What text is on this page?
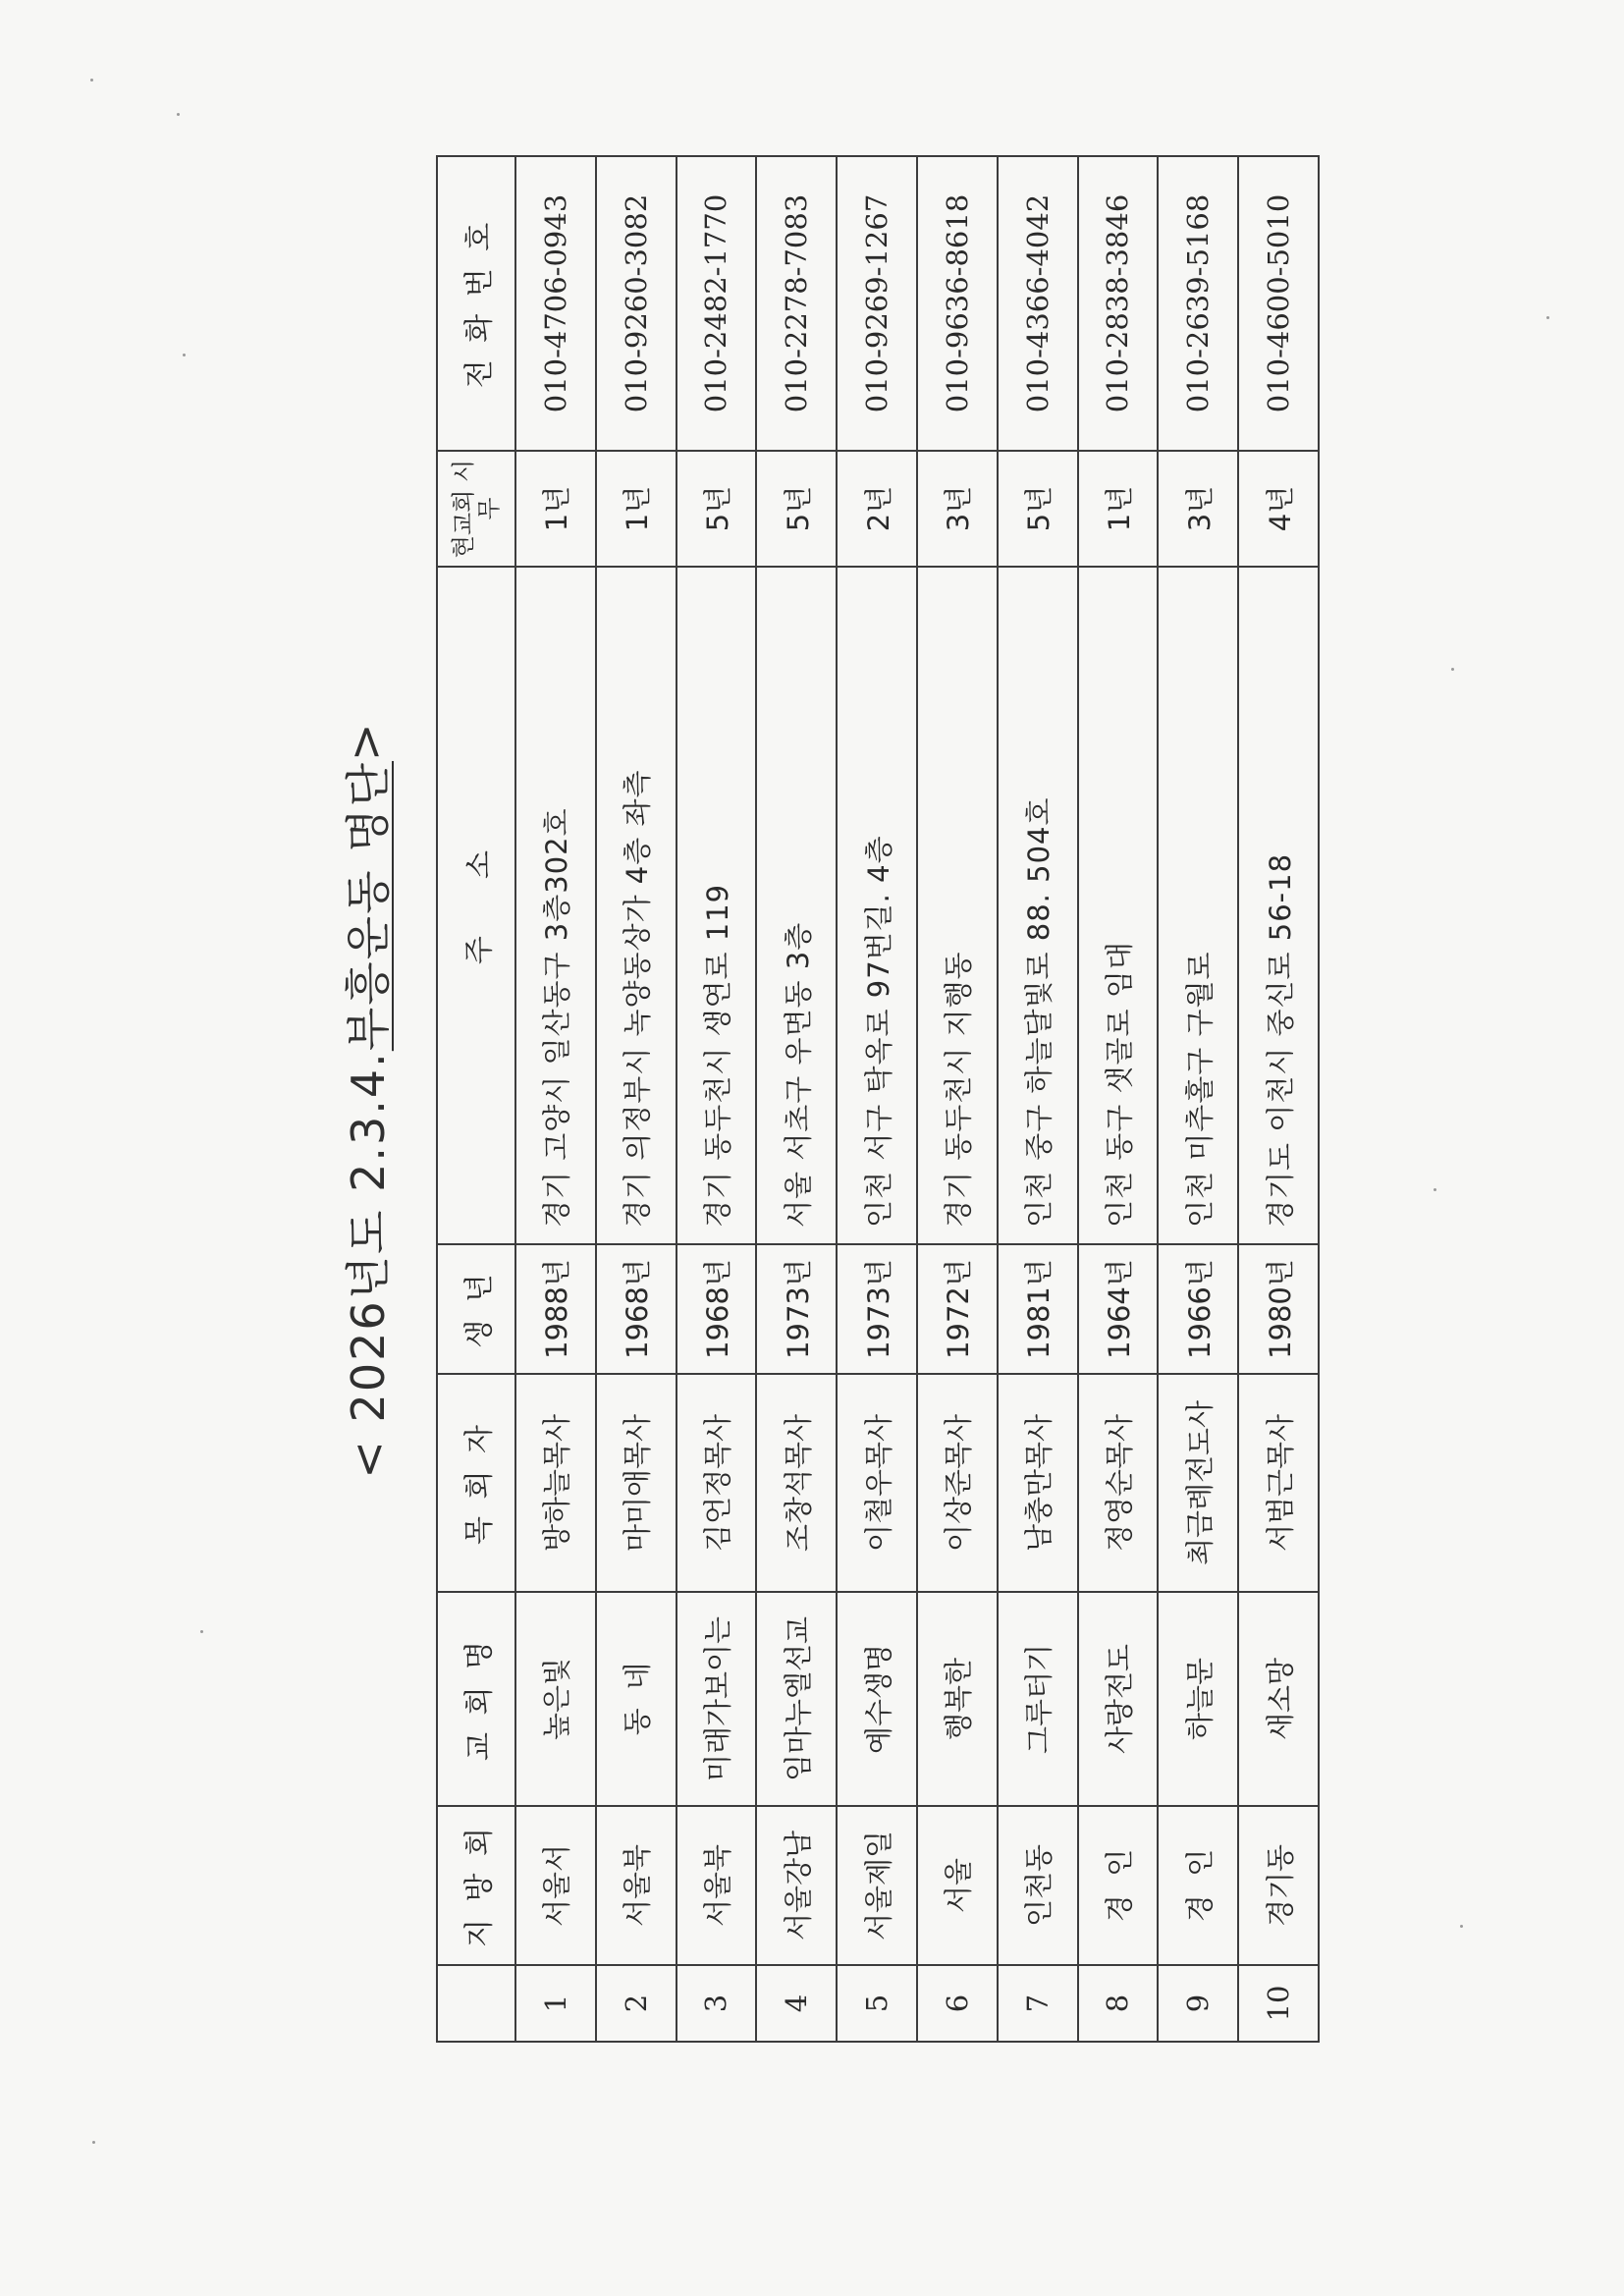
< 2026년도 2.3.4.
부흥운동 명단
>
	지 방 회	교 회 명	목 회 자	생 년	주    소	현교회 시무	전 화 번 호
1	서울서	높은빛	방하늘목사	1988년	경기 고양시 일산동구 3층302호	1년	010-4706-0943
2	서울북	동  네	마미애목사	1968년	경기 의정부시 녹양동상가 4층 좌측	1년	010-9260-3082
3	서울북	미래가보이는	김언정목사	1968년	경기 동두천시 생연로 119	5년	010-2482-1770
4	서울강남	임마누엘선교	조창석목사	1973년	서울 서초구 우면동 3층	5년	010-2278-7083
5	서울제일	예수생명	이철우목사	1973년	인천 서구 탁옥로 97번길. 4층	2년	010-9269-1267
6	서울	행복한	이상준목사	1972년	경기 동두천시 지행동	3년	010-9636-8618
7	인천동	그루터기	남충만목사	1981년	인천 중구 하늘달빛로 88. 504호	5년	010-4366-4042
8	경  인	사랑전도	정영순목사	1964년	인천 동구 샛골로 임대	1년	010-2838-3846
9	경  인	하늘문	최금례전도사	1966년	인천 미추홀구 구월로	3년	010-2639-5168
10	경기동	새소망	서범근목사	1980년	경기도 이천시 중신로 56-18	4년	010-4600-5010
